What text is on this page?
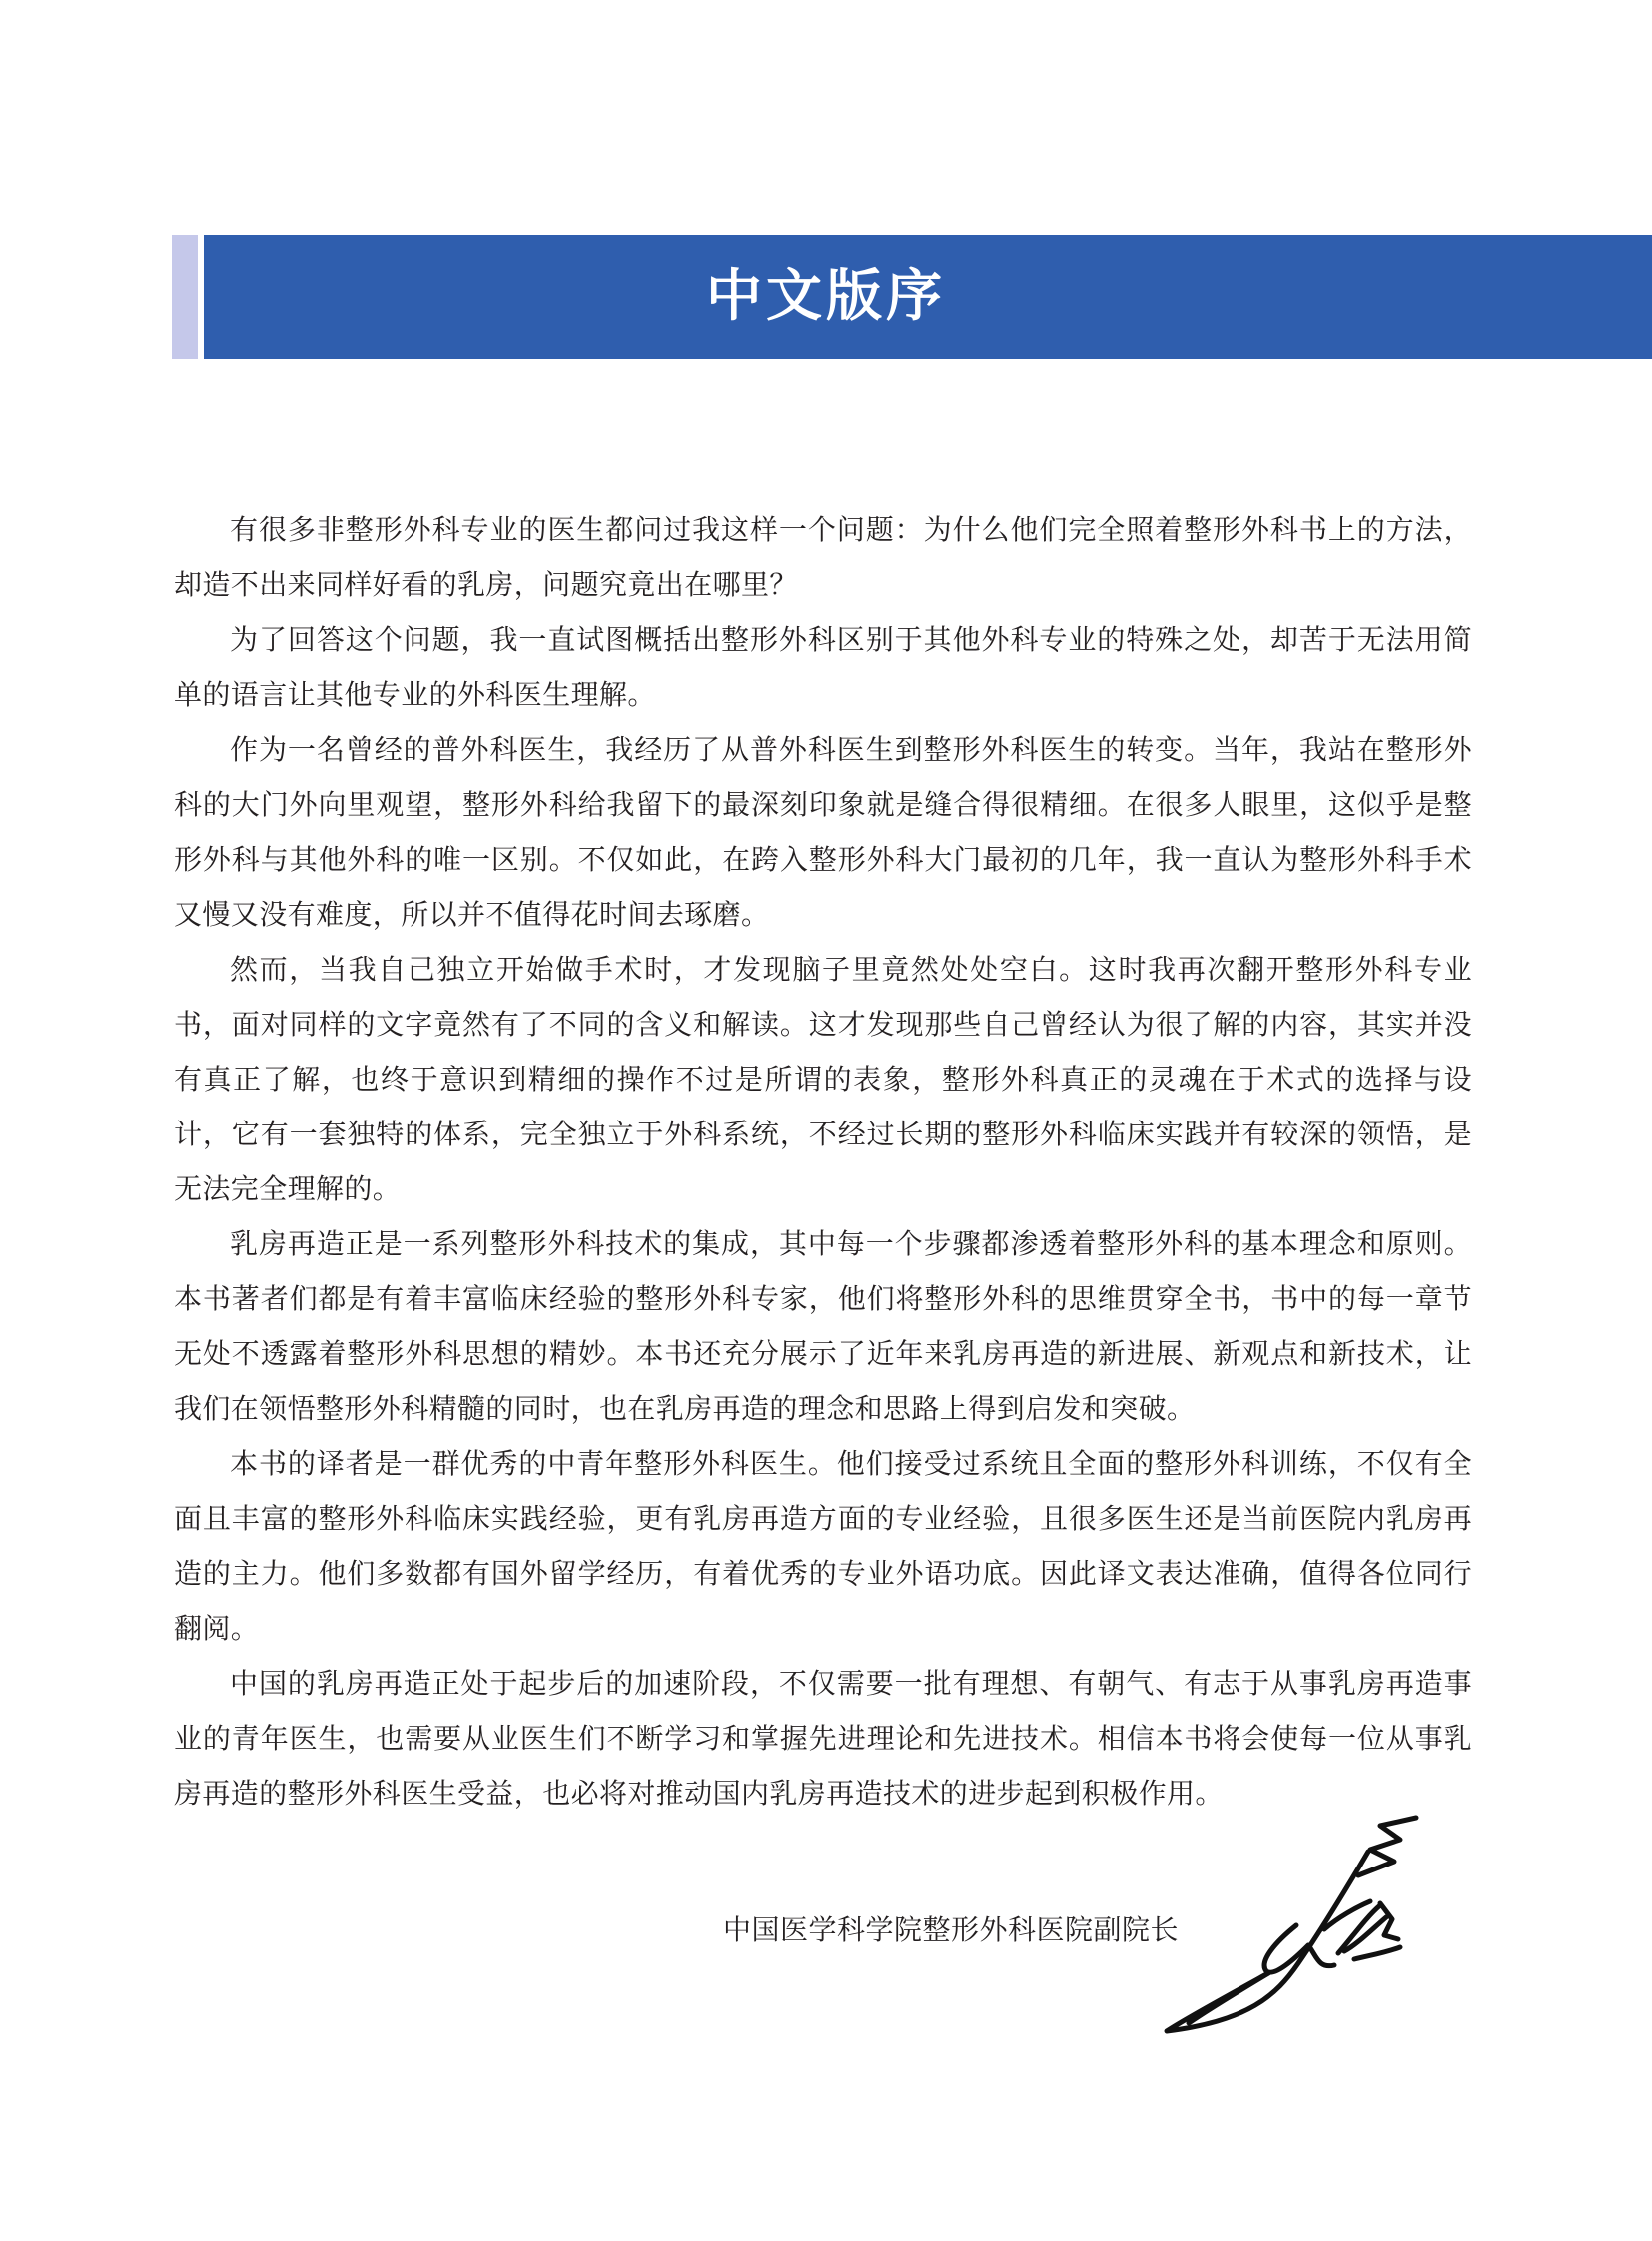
中文版序

有很多非整形外科专业的医生都问过我这样一个问题：为什么他们完全照着整形外科书上的方法，却造不出来同样好看的乳房，问题究竟出在哪里？

为了回答这个问题，我一直试图概括出整形外科区别于其他外科专业的特殊之处，却苦于无法用简单的语言让其他专业的外科医生理解。

作为一名曾经的普外科医生，我经历了从普外科医生到整形外科医生的转变。当年，我站在整形外科的大门外向里观望，整形外科给我留下的最深刻印象就是缝合得很精细。在很多人眼里，这似乎是整形外科与其他外科的唯一区别。不仅如此，在跨入整形外科大门最初的几年，我一直认为整形外科手术又慢又没有难度，所以并不值得花时间去琢磨。

然而，当我自己独立开始做手术时，才发现脑子里竟然处处空白。这时我再次翻开整形外科专业书，面对同样的文字竟然有了不同的含义和解读。这才发现那些自己曾经认为很了解的内容，其实并没有真正了解，也终于意识到精细的操作不过是所谓的表象，整形外科真正的灵魂在于术式的选择与设计，它有一套独特的体系，完全独立于外科系统，不经过长期的整形外科临床实践并有较深的领悟，是无法完全理解的。

乳房再造正是一系列整形外科技术的集成，其中每一个步骤都渗透着整形外科的基本理念和原则。本书著者们都是有着丰富临床经验的整形外科专家，他们将整形外科的思维贯穿全书，书中的每一章节无处不透露着整形外科思想的精妙。本书还充分展示了近年来乳房再造的新进展、新观点和新技术，让我们在领悟整形外科精髓的同时，也在乳房再造的理念和思路上得到启发和突破。

本书的译者是一群优秀的中青年整形外科医生。他们接受过系统且全面的整形外科训练，不仅有全面且丰富的整形外科临床实践经验，更有乳房再造方面的专业经验，且很多医生还是当前医院内乳房再造的主力。他们多数都有国外留学经历，有着优秀的专业外语功底。因此译文表达准确，值得各位同行翻阅。

中国的乳房再造正处于起步后的加速阶段，不仅需要一批有理想、有朝气、有志于从事乳房再造事业的青年医生，也需要从业医生们不断学习和掌握先进理论和先进技术。相信本书将会使每一位从事乳房再造的整形外科医生受益，也必将对推动国内乳房再造技术的进步起到积极作用。

中国医学科学院整形外科医院副院长
